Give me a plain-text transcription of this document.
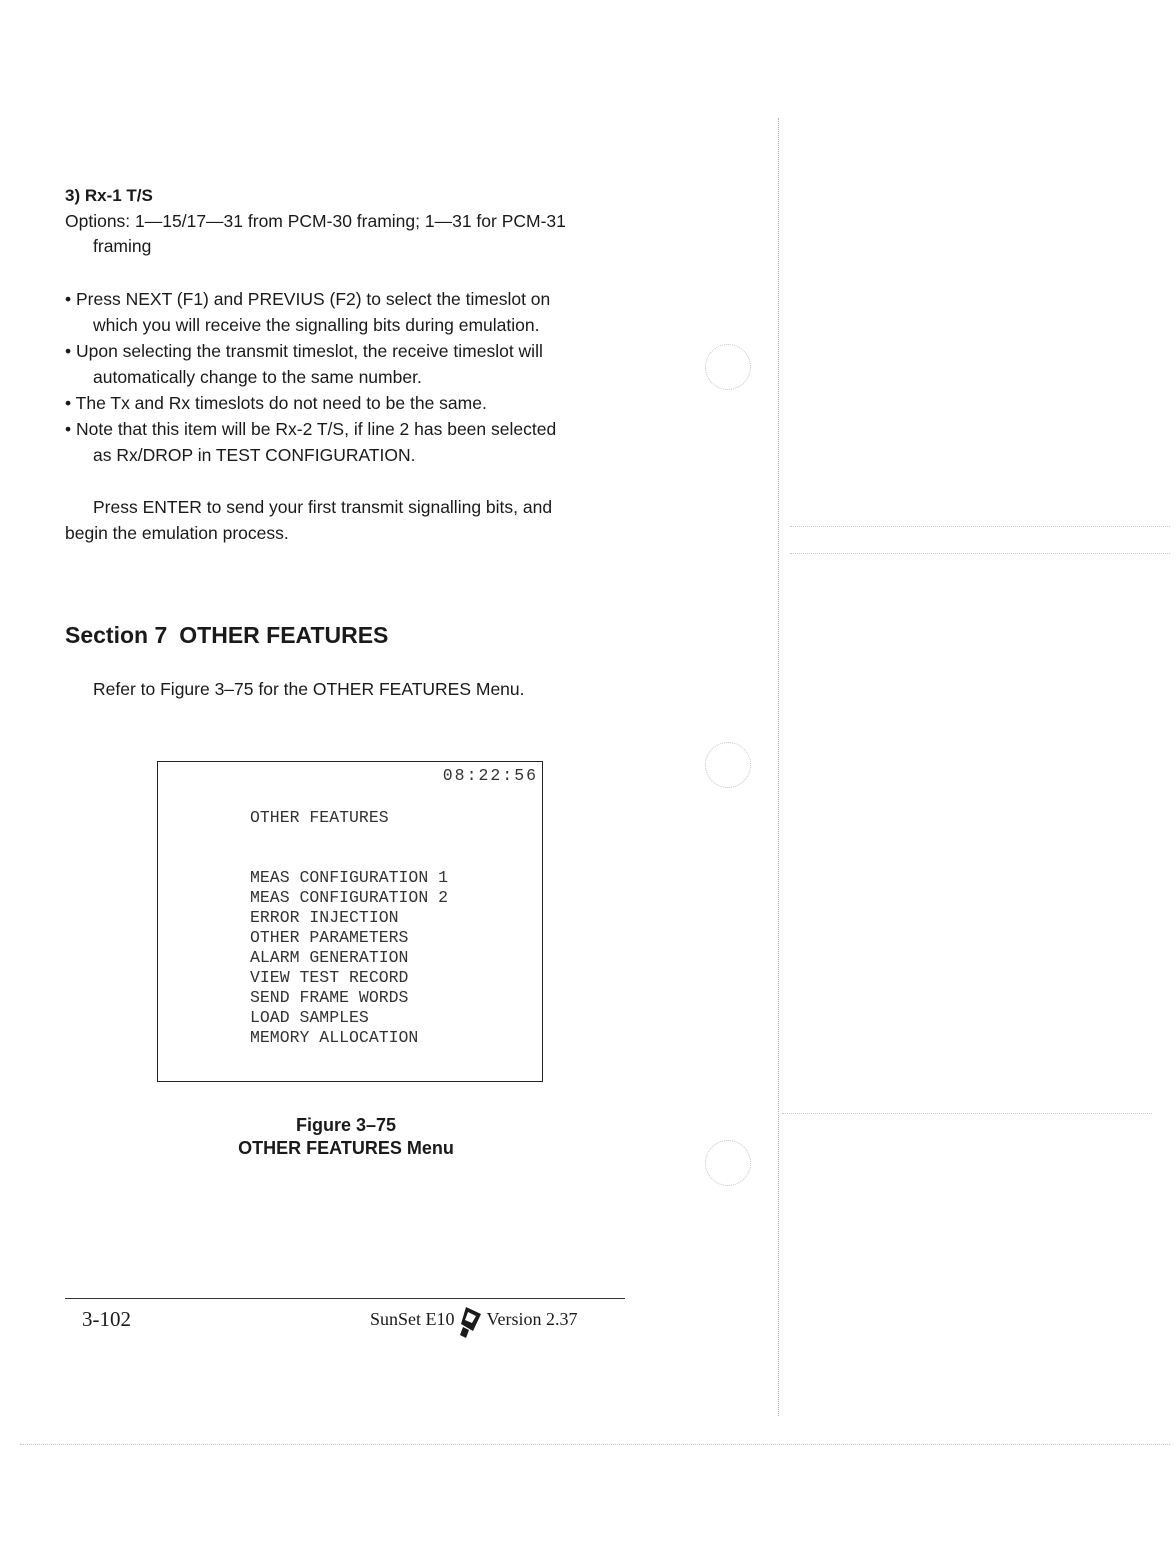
3) Rx-1 T/S
Options: 1—15/17—31 from PCM-30 framing; 1—31 for PCM-31
framing
• Press NEXT (F1) and PREVIUS (F2) to select the timeslot on
which you will receive the signalling bits during emulation.
• Upon selecting the transmit timeslot, the receive timeslot will
automatically change to the same number.
• The Tx and Rx timeslots do not need to be the same.
• Note that this item will be Rx-2 T/S, if line 2 has been selected
as Rx/DROP in TEST CONFIGURATION.
Press ENTER to send your first transmit signalling bits, and
begin the emulation process.
Section 7 OTHER FEATURES
Refer to Figure 3–75 for the OTHER FEATURES Menu.
08:22:56
OTHER FEATURES
MEAS CONFIGURATION 1
MEAS CONFIGURATION 2
ERROR INJECTION
OTHER PARAMETERS
ALARM GENERATION
VIEW TEST RECORD
SEND FRAME WORDS
LOAD SAMPLES
MEMORY ALLOCATION
Figure 3–75
OTHER FEATURES Menu
3-102	SunSet E10 Version 2.37
